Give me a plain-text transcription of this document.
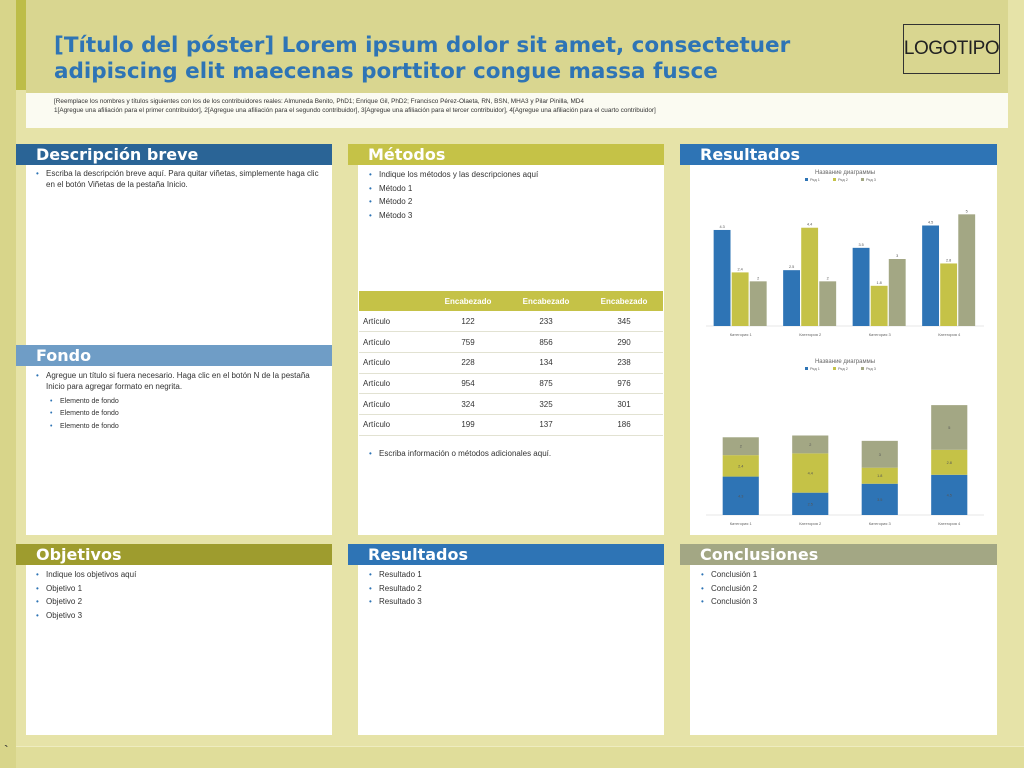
[Título del póster] Lorem ipsum dolor sit amet, consectetuer
adipiscing elit maecenas porttitor congue massa fusce
LOGOTIPO
[Reemplace los nombres y títulos siguientes con los de los contribuidores reales: Almuneda Benito, PhD1; Enrique Gil, PhD2; Francisco Pérez-Olaeta, RN, BSN, MHA3 y Pilar Pinilla, MD4
1[Agregue una afiliación para el primer contribuidor], 2[Agregue una afiliación para el segundo contribuidor], 3[Agregue una afiliación para el tercer contribuidor], 4[Agregue una afiliación para el cuarto contribuidor]
Descripción breve	Métodos	Resultados
Fondo
Objetivos	Resultados	Conclusiones
• Escriba la descripción breve aquí. Para quitar viñetas, simplemente haga clic en el botón Viñetas de la pestaña Inicio.
• Agregue un título si fuera necesario. Haga clic en el botón N de la pestaña Inicio para agregar formato en negrita.
• Elemento de fondo
• Elemento de fondo
• Elemento de fondo
• Indique los métodos y las descripciones aquí
• Método 1
• Método 2
• Método 3
	Encabezado	Encabezado	Encabezado
Artículo	122	233	345
Artículo	759	856	290
Artículo	228	134	238
Artículo	954	875	976
Artículo	324	325	301
Artículo	199	137	186
• Escriba información o métodos adicionales aquí.
Название диаграммы
Ряд 1	Ряд 2	Ряд 3
Категория 1
4.3
2.4
2
Категория 2
2.5
4.4
2
Категория 3
3.5
1.8
3
Категория 4
4.5
2.8
5
Название диаграммы
Ряд 1	Ряд 2	Ряд 3
Категория 1
4.3
2.4
2
Категория 2
2.5
4.4
2
Категория 3
3.5
1.8
3
Категория 4
4.5
2.8
5
• Indique los objetivos aquí
• Objetivo 1
• Objetivo 2
• Objetivo 3
• Resultado 1
• Resultado 2
• Resultado 3
• Conclusión 1
• Conclusión 2
• Conclusión 3
`
